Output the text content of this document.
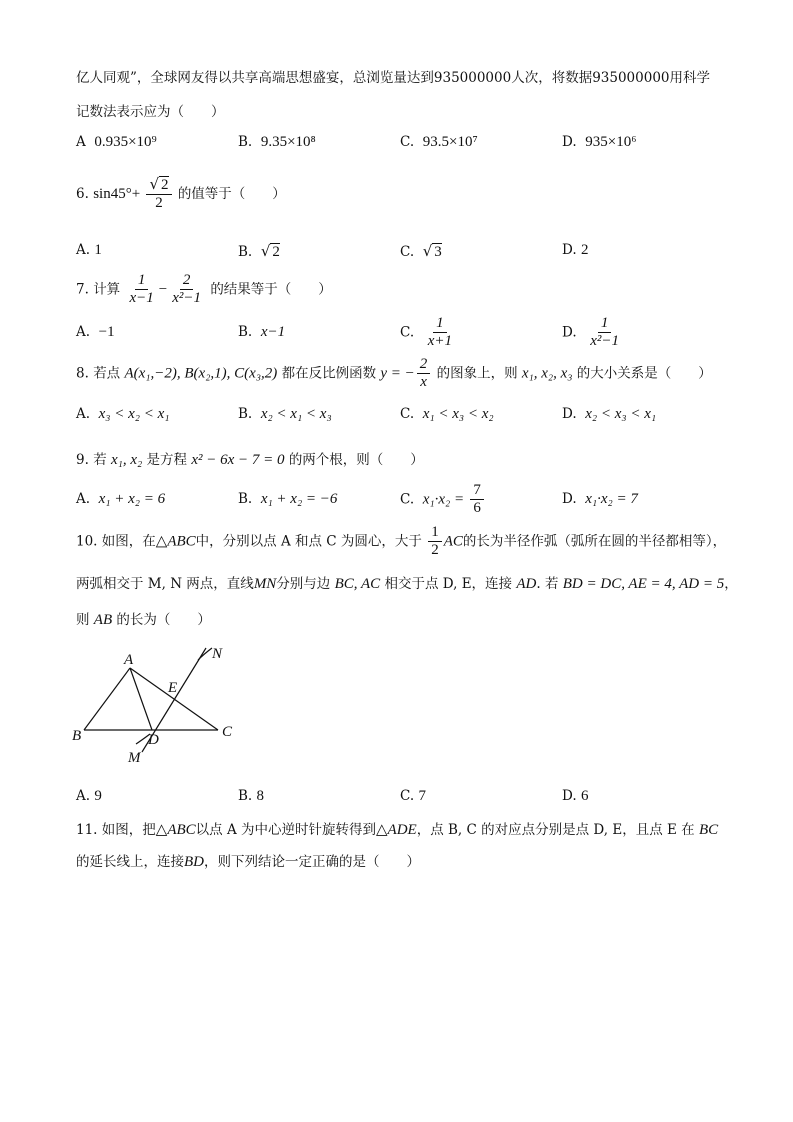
亿人同观”，全球网友得以共享高端思想盛宴，总浏览量达到935000000人次，将数据935000000用科学
记数法表示应为（　　）
A 0.935×10⁹	B. 9.35×10⁸	C. 93.5×10⁷	D. 935×10⁶
6. $\sin 45^\circ+ \frac{√ 2}{2}$ 的值等于（　　）
A. 1	B. √ 2	C. √ 3	D. 2
7. 计算 $\frac{1}{x-1} - \frac{2}{\text{x²−1}}$ 的结果等于（　　）
A. −1	B. x−1	C. $\frac{1}{x+1}$	D. $\frac{1}{\text{x²−1}}$
8. 若点 A(x₁,−2), B(x₂,1), C(x₃,2) 都在反比例函数 y = − $\frac{2}{x}$ 的图象上，则 x₁, x₂, x₃ 的大小关系是（　　）
A. x₃ < x₂ < x₁	B. x₂ < x₁ < x₃	C. x₁ < x₃ < x₂	D. x₂ < x₃ < x₁
9. 若 x₁, x₂ 是方程 x² − 6x − 7 = 0 的两个根，则（　　）
A. x₁ + x₂ = 6	B. x₁ + x₂ = −6	C. $x_1\cdot x_2 = \frac{7}{6}$	D. x₁·x₂ = 7
10. 如图，在△ABC中，分别以点 A 和点 C 为圆心，大于 $\frac{1}{2}$ AC的长为半径作弧（弧所在圆的半径都相等），
两弧相交于 M, N 两点，直线MN分别与边 BC, AC 相交于点 D, E，连接 AD. 若 BD = DC, AE = 4, AD = 5，
则 AB 的长为（　　）
A
B	C
D
E
M
N
A. 9	B. 8	C. 7	D. 6
11. 如图，把△ABC以点 A 为中心逆时针旋转得到△ADE，点 B, C 的对应点分别是点 D, E，且点 E 在 BC
的延长线上，连接BD，则下列结论一定正确的是（　　）
